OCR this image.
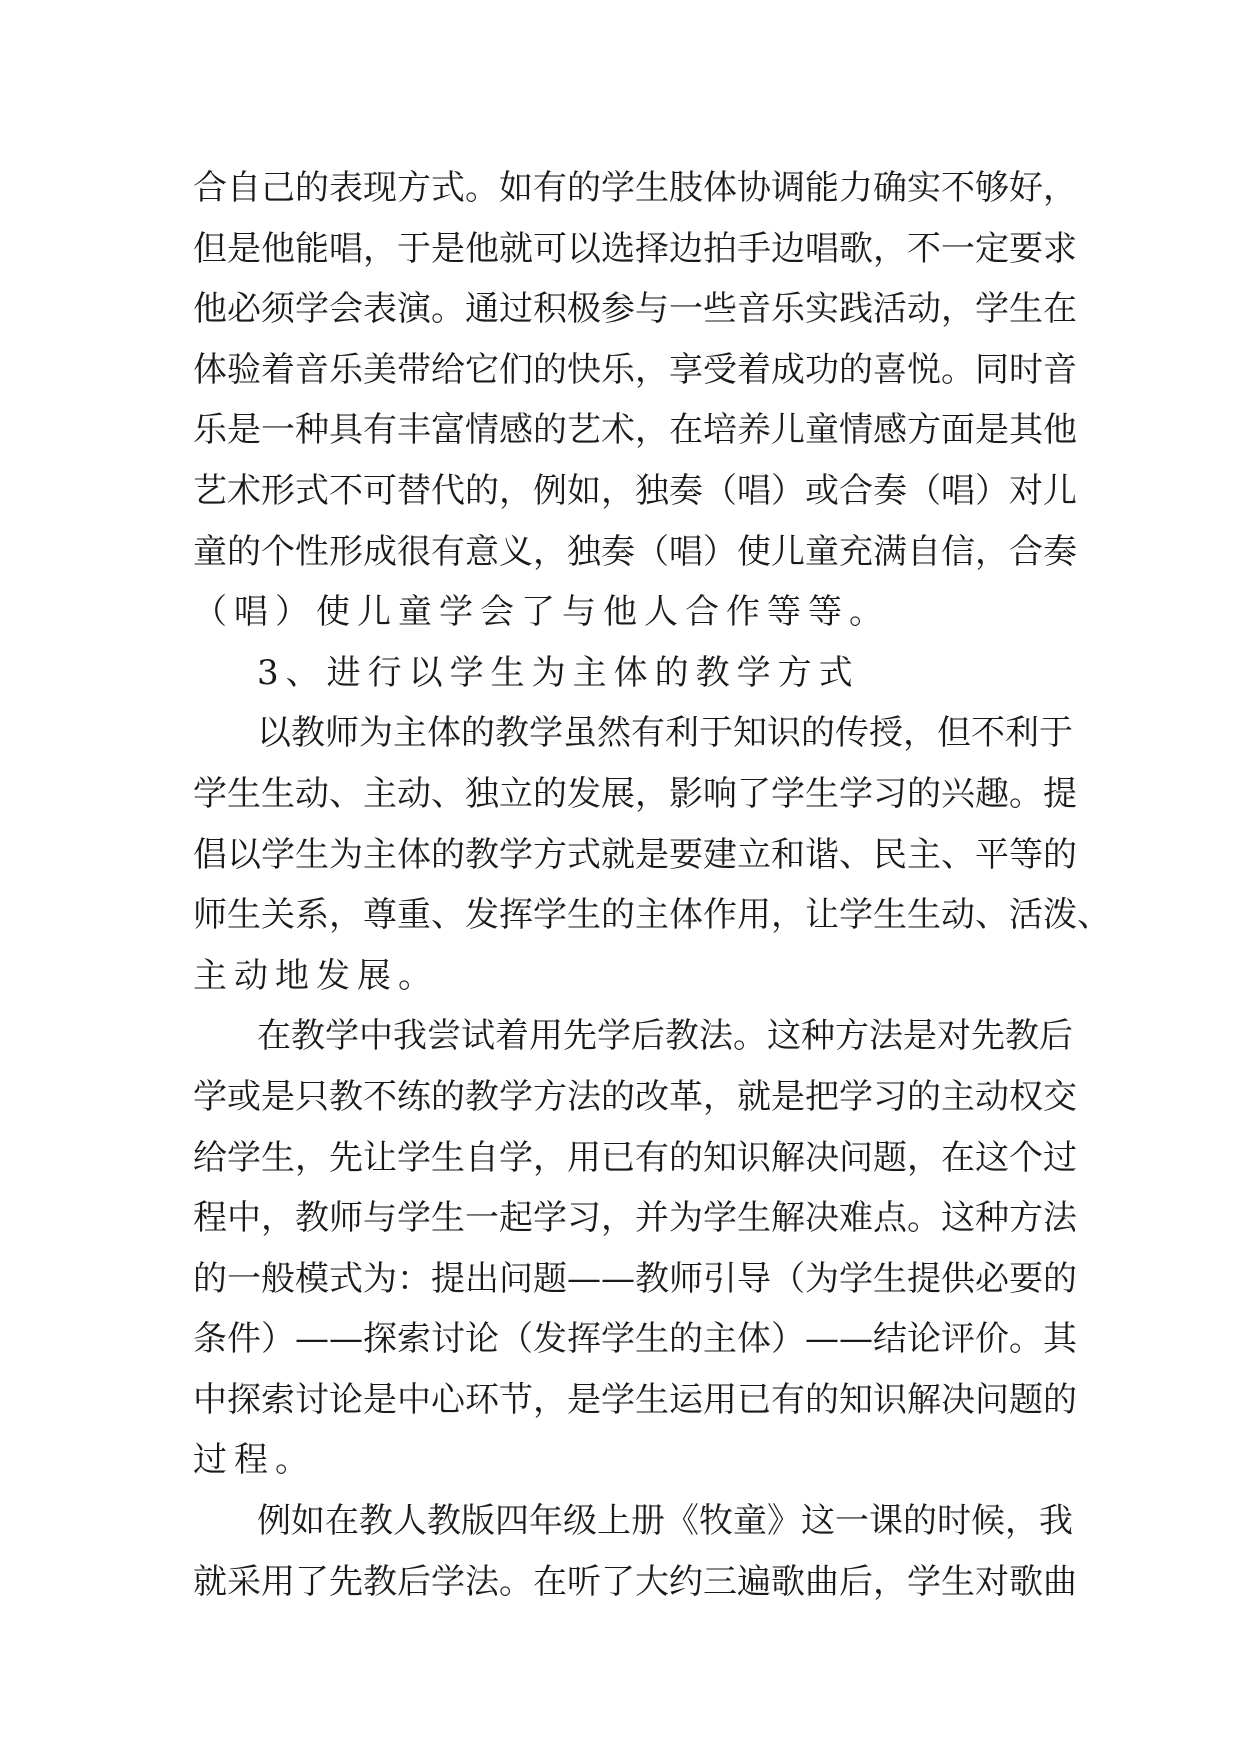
合自己的表现方式。如有的学生肢体协调能力确实不够好，
但是他能唱，于是他就可以选择边拍手边唱歌，不一定要求
他必须学会表演。通过积极参与一些音乐实践活动，学生在
体验着音乐美带给它们的快乐，享受着成功的喜悦。同时音
乐是一种具有丰富情感的艺术，在培养儿童情感方面是其他
艺术形式不可替代的，例如，独奏（唱）或合奏（唱）对儿
童的个性形成很有意义，独奏（唱）使儿童充满自信，合奏
（唱）使儿童学会了与他人合作等等。
3、进行以学生为主体的教学方式
以教师为主体的教学虽然有利于知识的传授，但不利于
学生生动、主动、独立的发展，影响了学生学习的兴趣。提
倡以学生为主体的教学方式就是要建立和谐、民主、平等的
师生关系，尊重、发挥学生的主体作用，让学生生动、活泼、
主动地发展。
在教学中我尝试着用先学后教法。这种方法是对先教后
学或是只教不练的教学方法的改革，就是把学习的主动权交
给学生，先让学生自学，用已有的知识解决问题，在这个过
程中，教师与学生一起学习，并为学生解决难点。这种方法
的一般模式为：提出问题——教师引导（为学生提供必要的
条件）——探索讨论（发挥学生的主体）——结论评价。其
中探索讨论是中心环节，是学生运用已有的知识解决问题的
过程。
例如在教人教版四年级上册《牧童》这一课的时候，我
就采用了先教后学法。在听了大约三遍歌曲后，学生对歌曲
